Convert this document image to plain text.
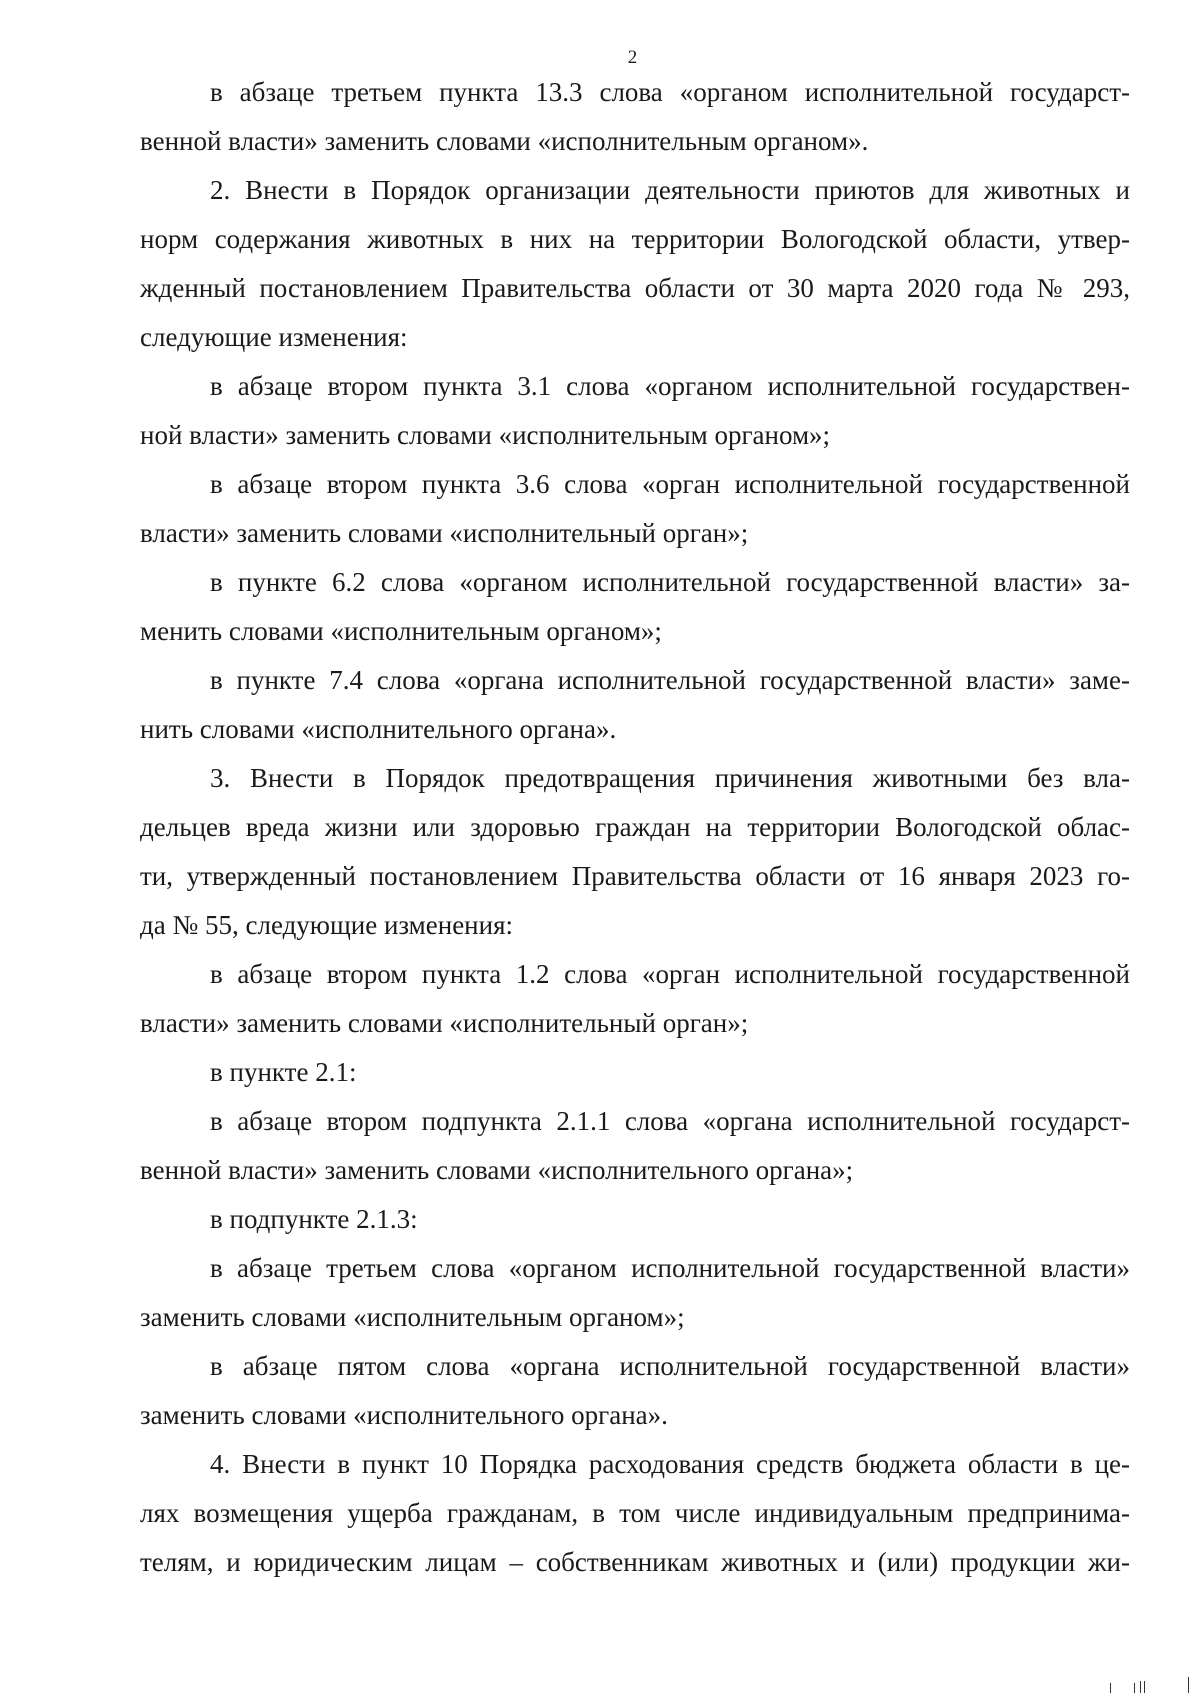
2
в абзаце третьем пункта 13.3 слова «органом исполнительной государст-
венной власти» заменить словами «исполнительным органом».
2. Внести в Порядок организации деятельности приютов для животных и
норм содержания животных в них на территории Вологодской области, утвер-
жденный постановлением Правительства области от 30 марта 2020 года № 293,
следующие изменения:
в абзаце втором пункта 3.1 слова «органом исполнительной государствен-
ной власти» заменить словами «исполнительным органом»;
в абзаце втором пункта 3.6 слова «орган исполнительной государственной
власти» заменить словами «исполнительный орган»;
в пункте 6.2 слова «органом исполнительной государственной власти» за-
менить словами «исполнительным органом»;
в пункте 7.4 слова «органа исполнительной государственной власти» заме-
нить словами «исполнительного органа».
3. Внести в Порядок предотвращения причинения животными без вла-
дельцев вреда жизни или здоровью граждан на территории Вологодской облас-
ти, утвержденный постановлением Правительства области от 16 января 2023 го-
да № 55, следующие изменения:
в абзаце втором пункта 1.2 слова «орган исполнительной государственной
власти» заменить словами «исполнительный орган»;
в пункте 2.1:
в абзаце втором подпункта 2.1.1 слова «органа исполнительной государст-
венной власти» заменить словами «исполнительного органа»;
в подпункте 2.1.3:
в абзаце третьем слова «органом исполнительной государственной власти»
заменить словами «исполнительным органом»;
в абзаце пятом слова «органа исполнительной государственной власти»
заменить словами «исполнительного органа».
4. Внести в пункт 10 Порядка расходования средств бюджета области в це-
лях возмещения ущерба гражданам, в том числе индивидуальным предпринима-
телям, и юридическим лицам – собственникам животных и (или) продукции жи-
